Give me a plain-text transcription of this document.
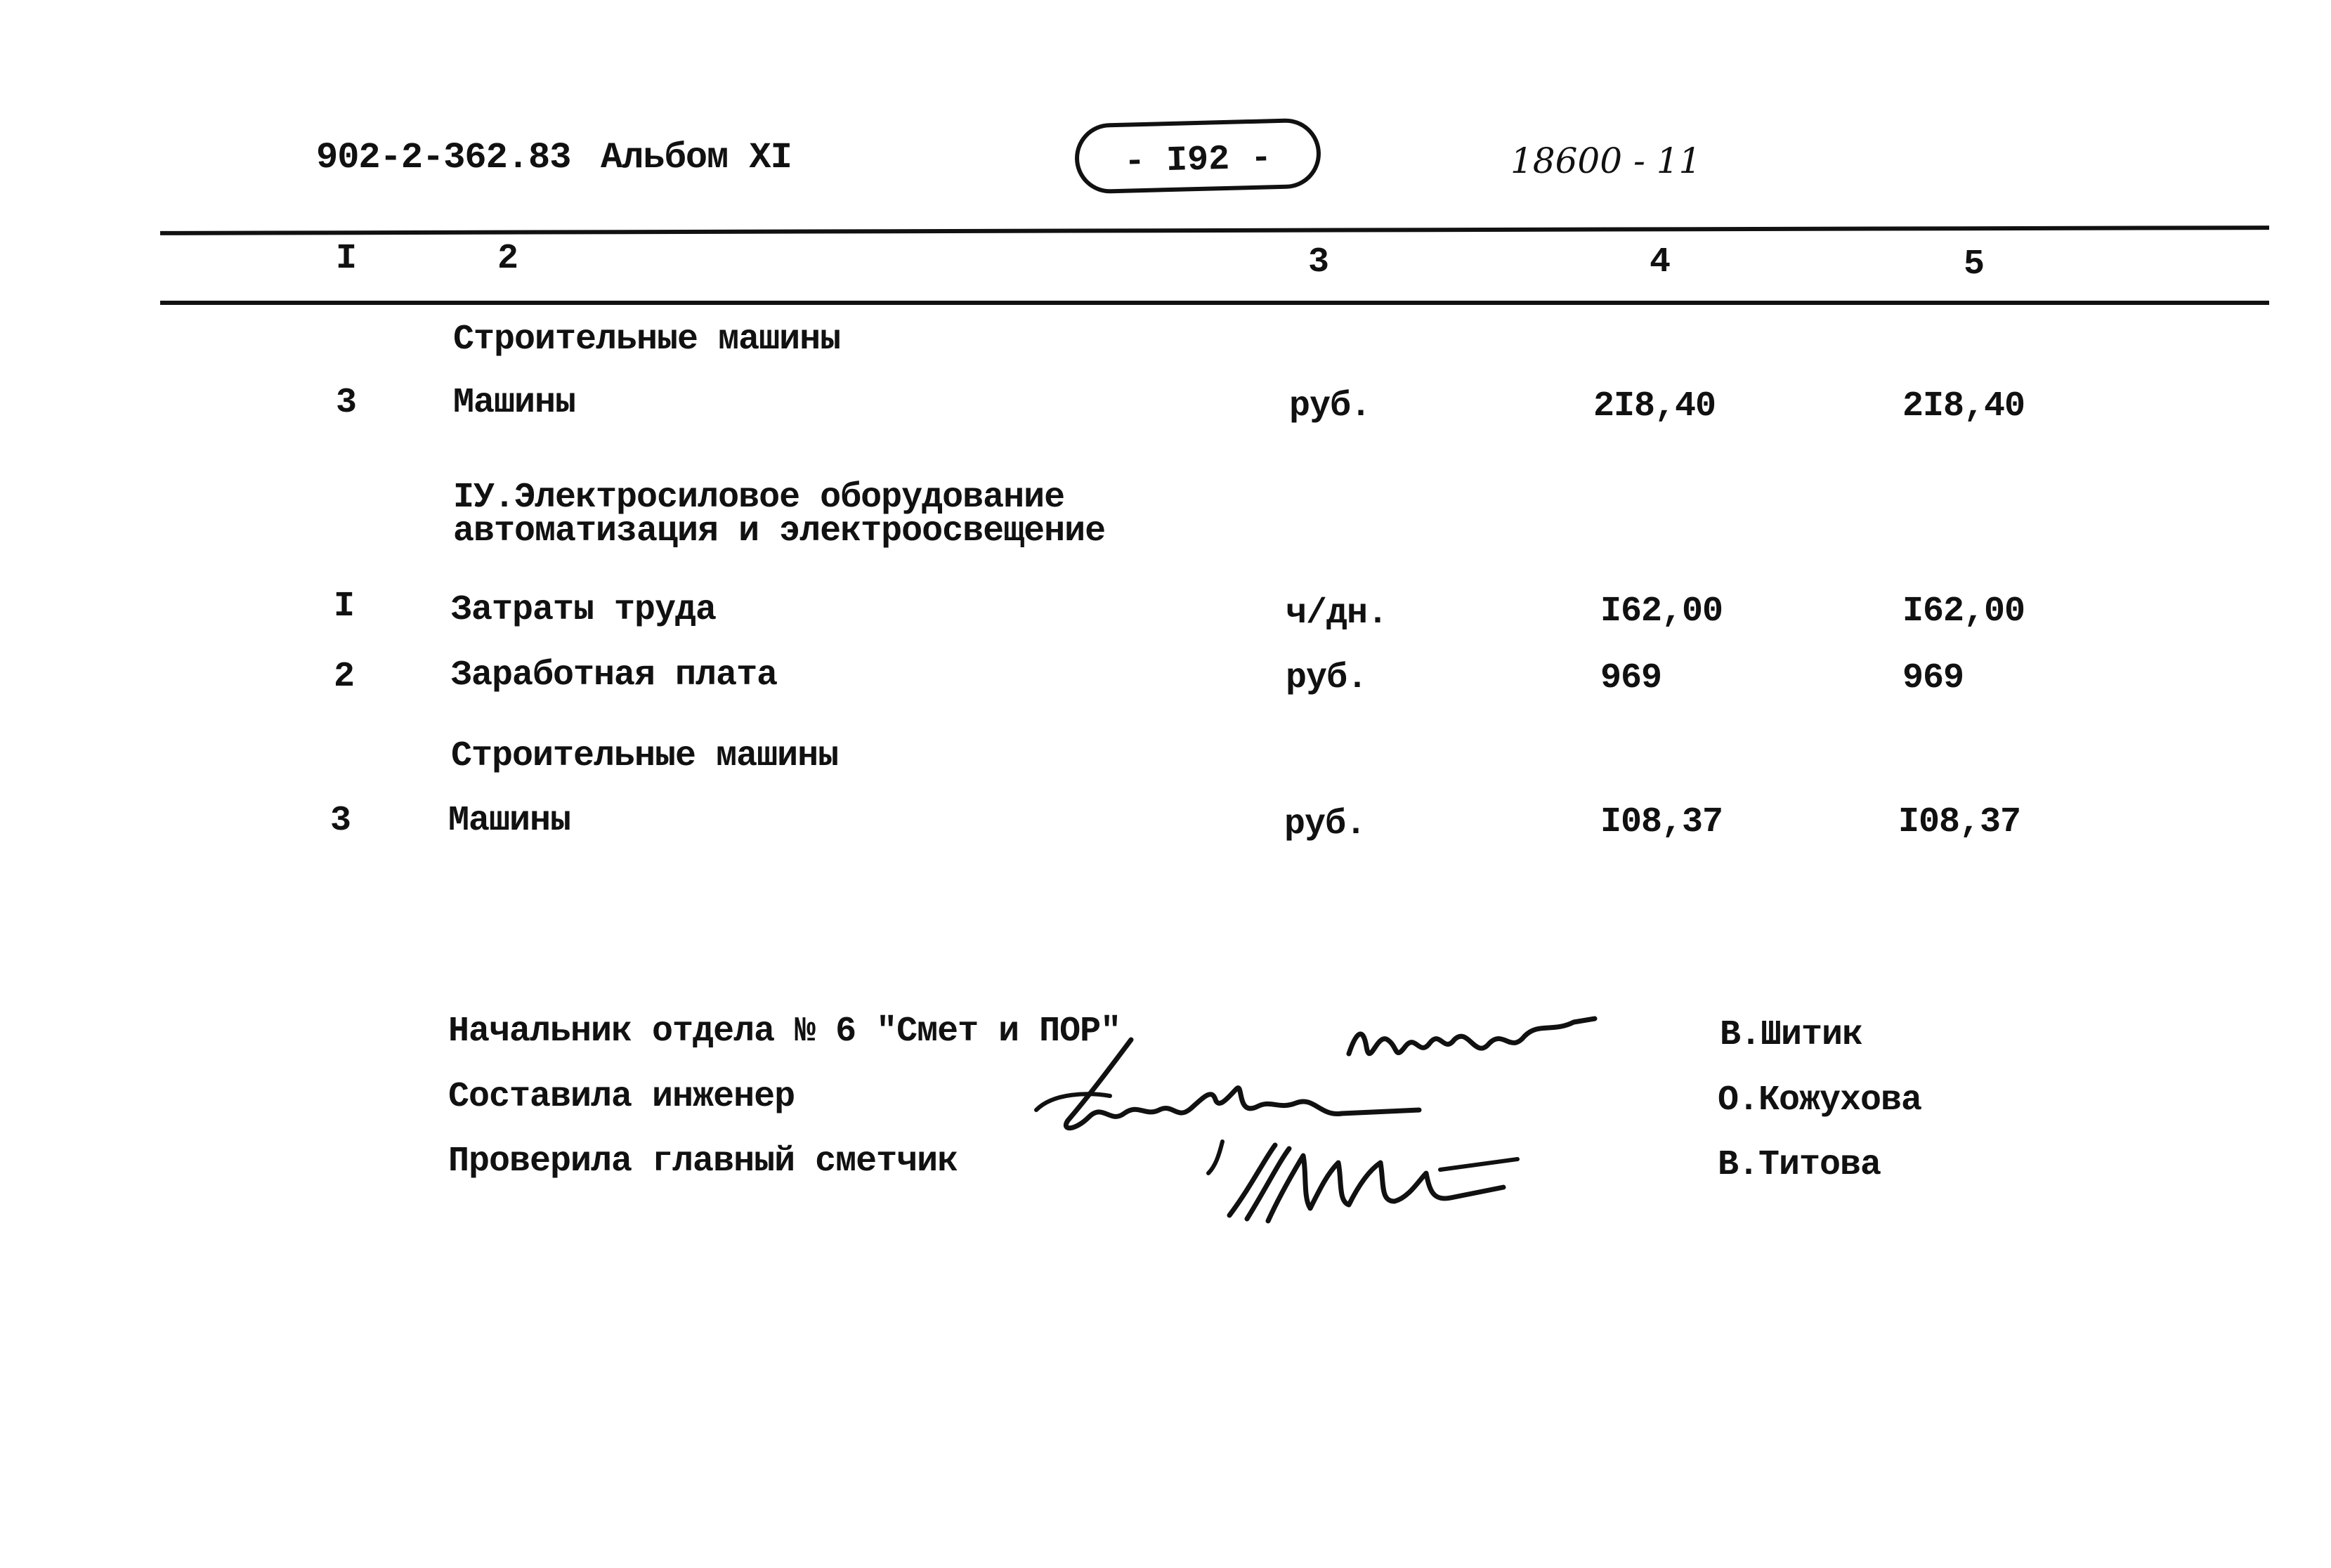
902-2-362.83 Альбом XI	- I92 -	18600 - 11
I	2	3	4	5
Строительные машины
3	Машины	руб.	2I8,40	2I8,40
IУ.Электросиловое оборудование
автоматизация и электроосвещение
I	Затраты труда	ч/дн.	I62,00	I62,00
2	Заработная плата	руб.	969	969
Строительные машины
3	Машины	руб.	I08,37	I08,37
Начальник отдела № 6 "Смет и ПОР"
Составила инженер
Проверила главный сметчик
В.Шитик
О.Кожухова
В.Титова
